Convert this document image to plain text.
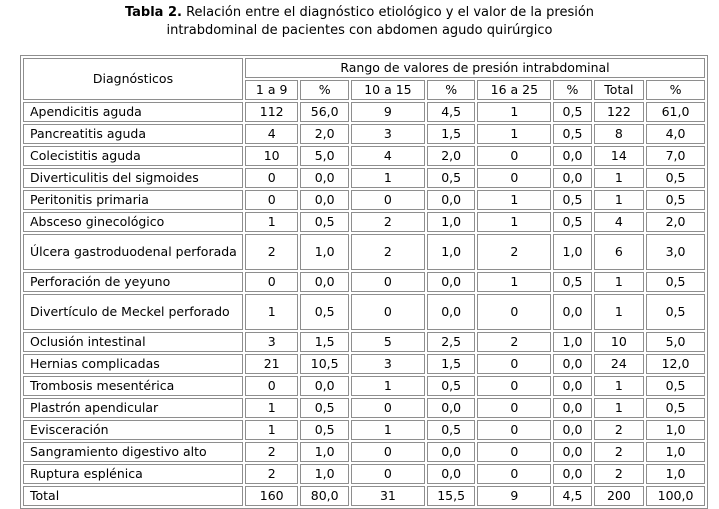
Tabla 2. Relación entre el diagnóstico etiológico y el valor de la presión
intrabdominal de pacientes con abdomen agudo quirúrgico
Diagnósticos	Rango de valores de presión intrabdominal							
	1 a 9	%	10 a 15	%	16 a 25	%	Total	%
Apendicitis aguda	112	56,0	9	4,5	1	0,5	122	61,0
Pancreatitis aguda	4	2,0	3	1,5	1	0,5	8	4,0
Colecistitis aguda	10	5,0	4	2,0	0	0,0	14	7,0
Diverticulitis del sigmoides	0	0,0	1	0,5	0	0,0	1	0,5
Peritonitis primaria	0	0,0	0	0,0	1	0,5	1	0,5
Absceso ginecológico	1	0,5	2	1,0	1	0,5	4	2,0
Úlcera gastroduodenal perforada	2	1,0	2	1,0	2	1,0	6	3,0
Perforación de yeyuno	0	0,0	0	0,0	1	0,5	1	0,5
Divertículo de Meckel perforado	1	0,5	0	0,0	0	0,0	1	0,5
Oclusión intestinal	3	1,5	5	2,5	2	1,0	10	5,0
Hernias complicadas	21	10,5	3	1,5	0	0,0	24	12,0
Trombosis mesentérica	0	0,0	1	0,5	0	0,0	1	0,5
Plastrón apendicular	1	0,5	0	0,0	0	0,0	1	0,5
Evisceración	1	0,5	1	0,5	0	0,0	2	1,0
Sangramiento digestivo alto	2	1,0	0	0,0	0	0,0	2	1,0
Ruptura esplénica	2	1,0	0	0,0	0	0,0	2	1,0
Total	160	80,0	31	15,5	9	4,5	200	100,0
